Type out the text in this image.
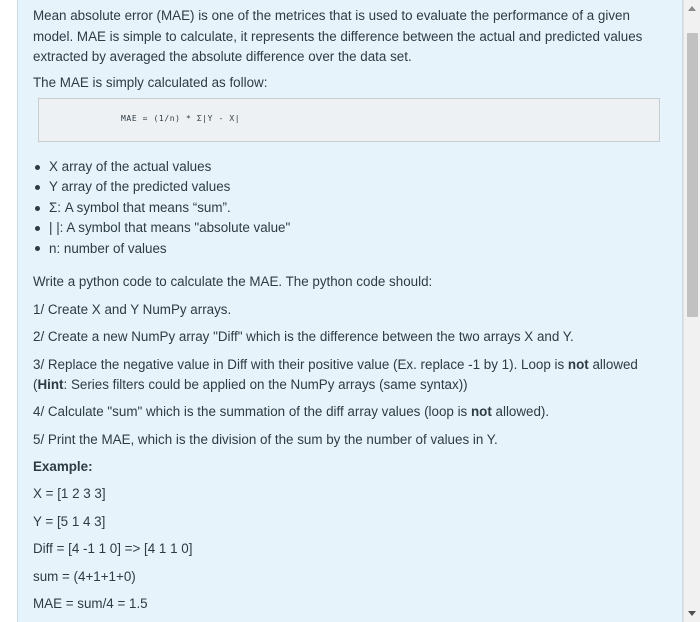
Mean absolute error (MAE) is one of the metrices that is used to evaluate the performance of a given
model. MAE is simple to calculate, it represents the difference between the actual and predicted values
extracted by averaged the absolute difference over the data set.
The MAE is simply calculated as follow:
MAE = (1/n) * Σ|Y - X|
X array of the actual values
Y array of the predicted values
Σ: A symbol that means “sum”.
| |: A symbol that means "absolute value"
n: number of values
Write a python code to calculate the MAE. The python code should:
1/ Create X and Y NumPy arrays.
2/ Create a new NumPy array "Diff" which is the difference between the two arrays X and Y.
3/ Replace the negative value in Diff with their positive value (Ex. replace -1 by 1). Loop is not allowed
(Hint: Series filters could be applied on the NumPy arrays (same syntax))
4/ Calculate "sum" which is the summation of the diff array values (loop is not allowed).
5/ Print the MAE, which is the division of the sum by the number of values in Y.
Example:
X = [1 2 3 3]
Y = [5 1 4 3]
Diff = [4 -1 1 0] => [4 1 1 0]
sum = (4+1+1+0)
MAE = sum/4 = 1.5
